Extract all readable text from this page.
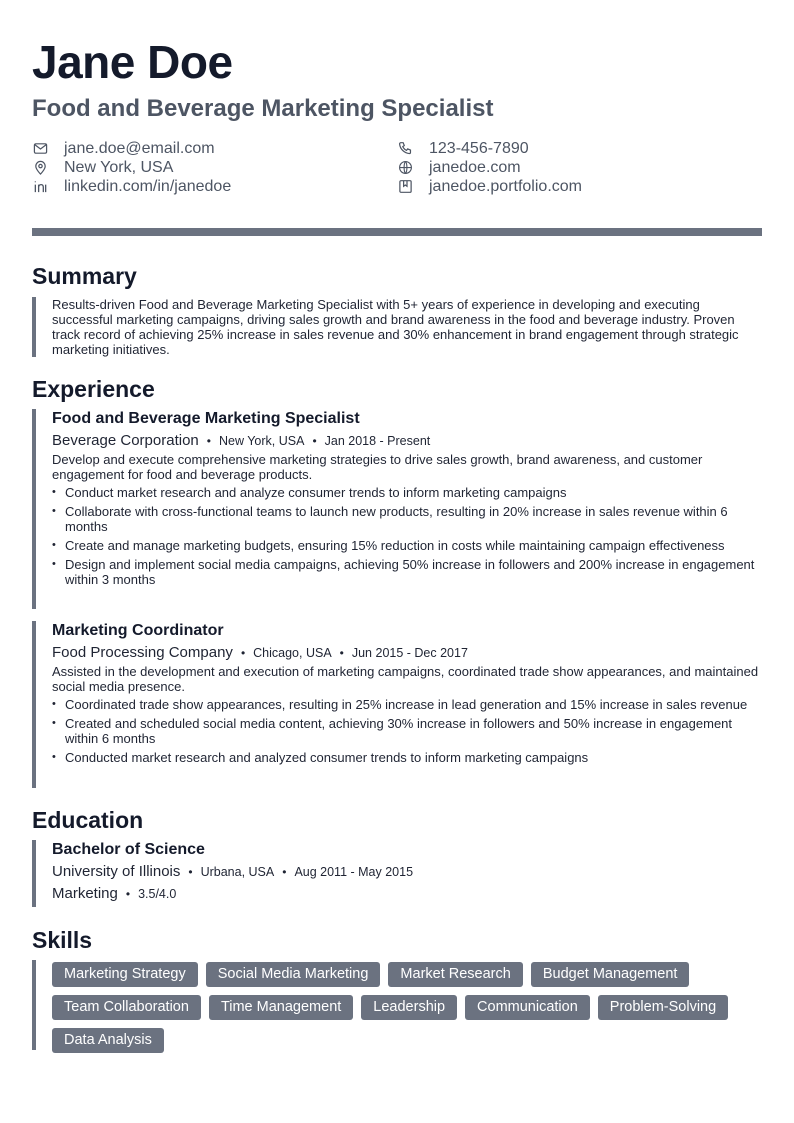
Jane Doe
Food and Beverage Marketing Specialist
jane.doe@email.com
New York, USA
linkedin.com/in/janedoe
123-456-7890
janedoe.com
janedoe.portfolio.com
Summary

Results-driven Food and Beverage Marketing Specialist with 5+ years of experience in developing and executing successful marketing campaigns, driving sales growth and brand awareness in the food and beverage industry. Proven track record of achieving 25% increase in sales revenue and 30% enhancement in brand engagement through strategic marketing initiatives.

Experience
Food and Beverage Marketing Specialist
Beverage Corporation • New York, USA • Jan 2018 - Present

Develop and execute comprehensive marketing strategies to drive sales growth, brand awareness, and customer engagement for food and beverage products.

• Conduct market research and analyze consumer trends to inform marketing campaigns
• Collaborate with cross-functional teams to launch new products, resulting in 20% increase in sales revenue within 6 months
• Create and manage marketing budgets, ensuring 15% reduction in costs while maintaining campaign effectiveness
• Design and implement social media campaigns, achieving 50% increase in followers and 200% increase in engagement within 3 months
Marketing Coordinator
Food Processing Company • Chicago, USA • Jun 2015 - Dec 2017

Assisted in the development and execution of marketing campaigns, coordinated trade show appearances, and maintained social media presence.

• Coordinated trade show appearances, resulting in 25% increase in lead generation and 15% increase in sales revenue
• Created and scheduled social media content, achieving 30% increase in followers and 50% increase in engagement within 6 months
• Conducted market research and analyzed consumer trends to inform marketing campaigns
Education
Bachelor of Science
University of Illinois • Urbana, USA • Aug 2011 - May 2015
Marketing • 3.5/4.0
Skills
Marketing Strategy	Social Media Marketing	Market Research	Budget Management
Team Collaboration	Time Management	Leadership	Communication	Problem-Solving
Data Analysis
